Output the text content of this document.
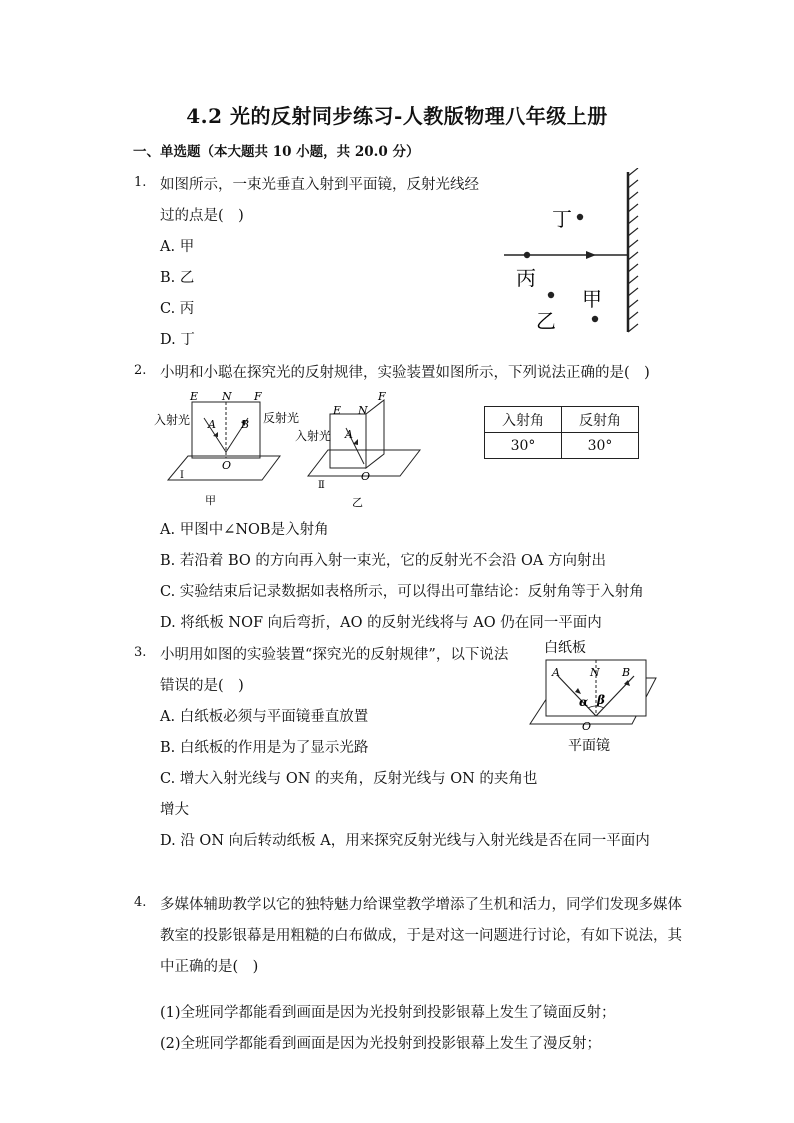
4.2 光的反射同步练习-人教版物理八年级上册
一、单选题（本大题共 10 小题，共 20.0 分）
1. 如图所示，一束光垂直入射到平面镜，反射光线经
过的点是(　)
A. 甲
B. 乙
C. 丙
D. 丁
丁
丙
乙
甲
2. 小明和小聪在探究光的反射规律，实验装置如图所示，下列说法正确的是(　)
E N F
A B
O
入射光	反射光
Ⅰ
甲
E N
F
A
O
入射光
Ⅱ
乙
入射角	反射角
30°	30°
A. 甲图中∠NOB是入射角
B. 若沿着 BO 的方向再入射一束光，它的反射光不会沿 OA 方向射出
C. 实验结束后记录数据如表格所示，可以得出可靠结论：反射角等于入射角
D. 将纸板 NOF 向后弯折，AO 的反射光线将与 AO 仍在同一平面内
3. 小明用如图的实验装置“探究光的反射规律”，以下说法
错误的是(　)
A. 白纸板必须与平面镜垂直放置
B. 白纸板的作用是为了显示光路
C. 增大入射光线与 ON 的夹角，反射光线与 ON 的夹角也
增大
D. 沿 ON 向后转动纸板 A，用来探究反射光线与入射光线是否在同一平面内
白纸板
A	N B
α β
O
平面镜
4. 多媒体辅助教学以它的独特魅力给课堂教学增添了生机和活力，同学们发现多媒体
教室的投影银幕是用粗糙的白布做成，于是对这一问题进行讨论，有如下说法，其
中正确的是(　)
(1)全班同学都能看到画面是因为光投射到投影银幕上发生了镜面反射；
(2)全班同学都能看到画面是因为光投射到投影银幕上发生了漫反射；
